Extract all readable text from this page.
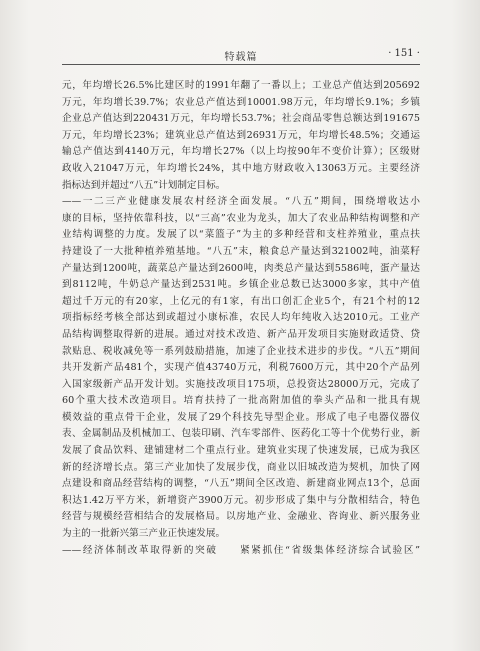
特载篇	· 151 ·
元，年均增长26.5%比建区时的1991年翻了一番以上；工业总产值达到205692
万元，年均增长39.7%；农业总产值达到10001.98万元，年均增长9.1%；乡镇
企业总产值达到220431万元，年均增长53.7%；社会商品零售总额达到191675
万元，年均增长23%；建筑业总产值达到26931万元，年均增长48.5%；交通运
输总产值达到4140万元，年均增长27%（以上均按90年不变价计算）；区级财
政收入21047万元，年均增长24%，其中地方财政收入13063万元。主要经济
指标达到并超过“八五”计划制定目标。
——一二三产业健康发展农村经济全面发展。“八五”期间，围绕增收达小
康的目标，坚持依靠科技，以“三高”农业为龙头，加大了农业品种结构调整和产
业结构调整的力度。发展了以“菜篮子”为主的多种经营和支柱养殖业，重点扶
持建设了一大批种植养殖基地。“八五”末，粮食总产量达到321002吨，油菜籽
产量达到1200吨，蔬菜总产量达到2600吨，肉类总产量达到5586吨，蛋产量达
到8112吨，牛奶总产量达到2531吨。乡镇企业总数已达3000多家，其中产值
超过千万元的有20家，上亿元的有1家，有出口创汇企业5个，有21个村的12
项指标经考核全部达到或超过小康标准，农民人均年纯收入达2010元。工业产
品结构调整取得新的进展。通过对技术改造、新产品开发项目实施财政适贷、贷
款贴息、税收减免等一系列鼓励措施，加速了企业技术进步的步伐。“八五”期间
共开发新产品481个，实现产值43740万元，利税7600万元，其中20个产品列
入国家级新产品开发计划。实施技改项目175项，总投资达28000万元，完成了
60个重大技术改造项目。培育扶持了一批高附加值的拳头产品和一批具有规
模效益的重点骨干企业，发展了29个科技先导型企业。形成了电子电器仪器仪
表、金属制品及机械加工、包装印刷、汽车零部件、医药化工等十个优势行业，新
发展了食品饮料、建铺建材二个重点行业。建筑业实现了快速发展，已成为我区
新的经济增长点。第三产业加快了发展步伐，商业以旧城改造为契机，加快了网
点建设和商品经营结构的调整，“八五”期间全区改造、新建商业网点13个，总面
积达1.42万平方米，新增资产3900万元。初步形成了集中与分散相结合，特色
经营与规模经营相结合的发展格局。以房地产业、金融业、咨询业、新兴服务业
为主的一批新兴第三产业正快速发展。
——经济体制改革取得新的突破　　紧紧抓住“省级集体经济综合试验区”
